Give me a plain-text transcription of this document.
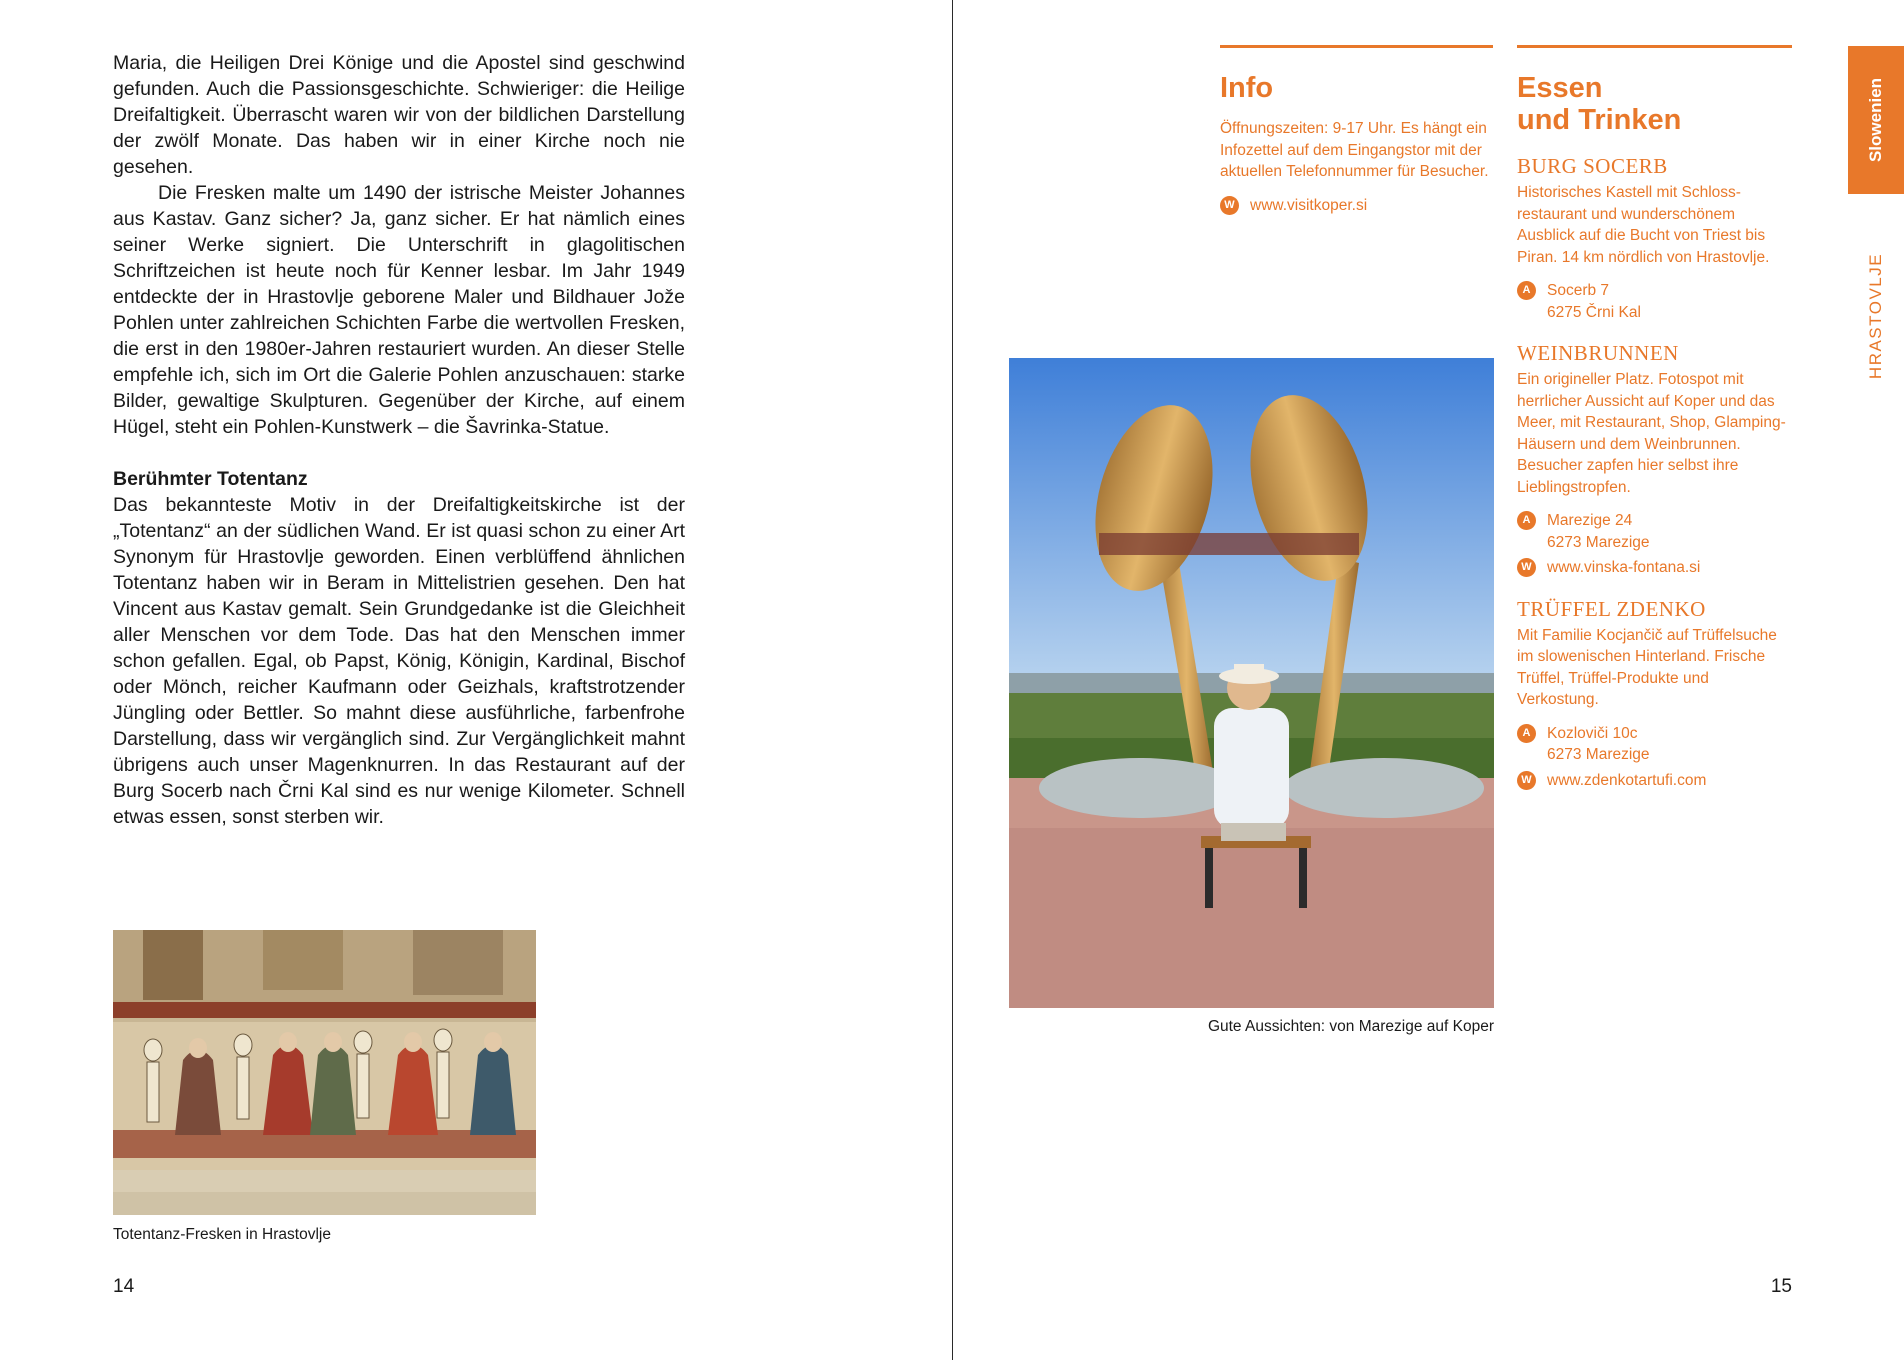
Maria, die Heiligen Drei Könige und die Apostel sind geschwind gefunden. Auch die Passionsgeschichte. Schwieriger: die Heilige Dreifaltigkeit. Überrascht waren wir von der bildlichen Darstellung der zwölf Monate. Das haben wir in einer Kirche noch nie gesehen.

Die Fresken malte um 1490 der istrische Meister Johannes aus Kastav. Ganz sicher? Ja, ganz sicher. Er hat nämlich eines seiner Werke signiert. Die Unterschrift in glagolitischen Schriftzeichen ist heute noch für Kenner lesbar. Im Jahr 1949 entdeckte der in Hrastovlje geborene Maler und Bildhauer Jože Pohlen unter zahlreichen Schichten Farbe die wertvollen Fresken, die erst in den 1980er-Jahren restauriert wurden. An dieser Stelle empfehle ich, sich im Ort die Galerie Pohlen anzuschauen: starke Bilder, gewaltige Skulpturen. Gegenüber der Kirche, auf einem Hügel, steht ein Pohlen-Kunstwerk – die Šavrinka-Statue.

Berühmter Totentanz

Das bekannteste Motiv in der Dreifaltigkeitskirche ist der „Totentanz“ an der südlichen Wand. Er ist quasi schon zu einer Art Synonym für Hrastovlje geworden. Einen verblüffend ähnlichen Totentanz haben wir in Beram in Mittelistrien gesehen. Den hat Vincent aus Kastav gemalt. Sein Grundgedanke ist die Gleichheit aller Menschen vor dem Tode. Das hat den Menschen immer schon gefallen. Egal, ob Papst, König, Königin, Kardinal, Bischof oder Mönch, reicher Kaufmann oder Geizhals, kraftstrotzender Jüngling oder Bettler. So mahnt diese ausführliche, farbenfrohe Darstellung, dass wir vergänglich sind. Zur Vergänglichkeit mahnt übrigens auch unser Magenknurren. In das Restaurant auf der Burg Socerb nach Črni Kal sind es nur wenige Kilometer. Schnell etwas essen, sonst sterben wir.

Totentanz-Fresken in Hrastovlje
14
Info

Öffnungszeiten: 9-17 Uhr. Es hängt ein Infozettel auf dem Eingangstor mit der aktuellen Telefonnummer für Besucher.

W www.visitkoper.si
Essen
und Trinken
BURG SOCERB

Historisches Kastell mit Schlossrestaurant und wunderschönem Ausblick auf die Bucht von Triest bis Piran. 14 km nördlich von Hrastovlje.

A	Socerb 7
6275 Črni Kal
WEINBRUNNEN

Ein origineller Platz. Fotospot mit herrlicher Aussicht auf Koper und das Meer, mit Restaurant, Shop, Glamping-Häusern und dem Weinbrunnen. Besucher zapfen hier selbst ihre Lieblingstropfen.

A	Marezige 24
6273 Marezige
W www.vinska-fontana.si
TRÜFFEL ZDENKO

Mit Familie Kocjančič auf Trüffelsuche im slowenischen Hinterland. Frische Trüffel, Trüffel-Produkte und Verkostung.

A	Kozloviči 10c
6273 Marezige
W www.zdenkotartufi.com
Gute Aussichten: von Marezige auf Koper
Slowenien
HRASTOVLJE
15
